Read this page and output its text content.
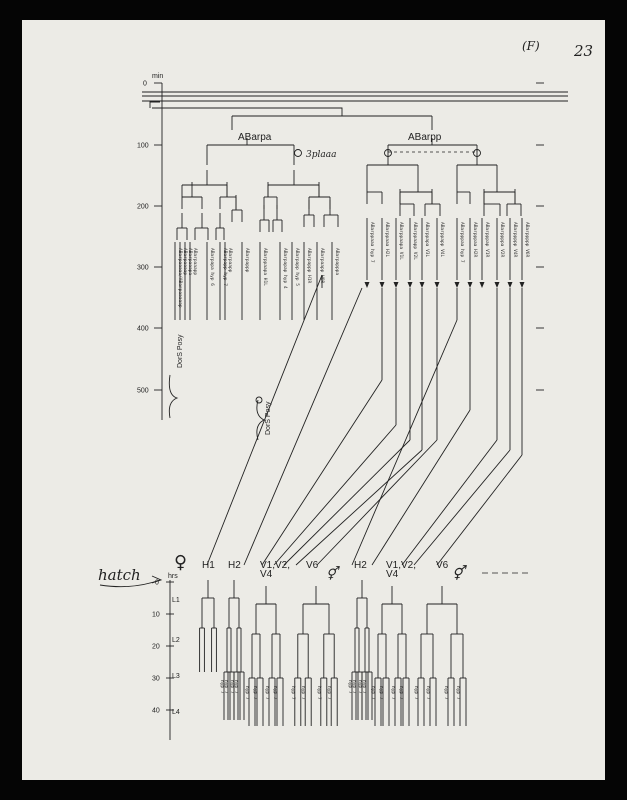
23
(F)
min
0
100
200
300
400
500
ABarpa	ABarpp
3plaaa
ABarpaaaaa/ABarpaaaaap ABarpaaaap ABarpaaapa ABarpaaapp	ABarpapa hyp 6 ABarpapp hyp 7 ABarpaapp	ABarpappp	ABarppaapa H1L	ABarpapap hyp 4 ABarpapp hyp 5 ABarpappp H1R ABarpaapp HOR ABarpapppa	ABarppaaa hyp 7 ABarppaaa H2L ABarppaapa V1L ABarppaapp V2L ABarppapa V3L ABarppapp V4L	ABarpppaa hyp 7 ABarpppaa H2R ABarpppap V1R ABarppppa V2R ABarppppp V4R ABarppppp V6R
DorS Posy
DorS Posy
hatch
♀
⚥
⚥
hrs
0
10
20
30
40
L1
L2
L3
L4
H1 H2 V1,V2,
V4
V6	H2 V1,V2,
V4
V6
hyp 7 hyp 7 hyp 7 hyp 7 hyp 7 hyp 7 hyp 7 hyp 7	hyp 7 hyp 7 hyp 7 hyp 7	hyp 7 hyp 7 hyp 7 hyp 7 hyp 7 hyp 7 hyp 7 hyp 7 hyp 7 hyp 7	hyp 7 hyp 7
